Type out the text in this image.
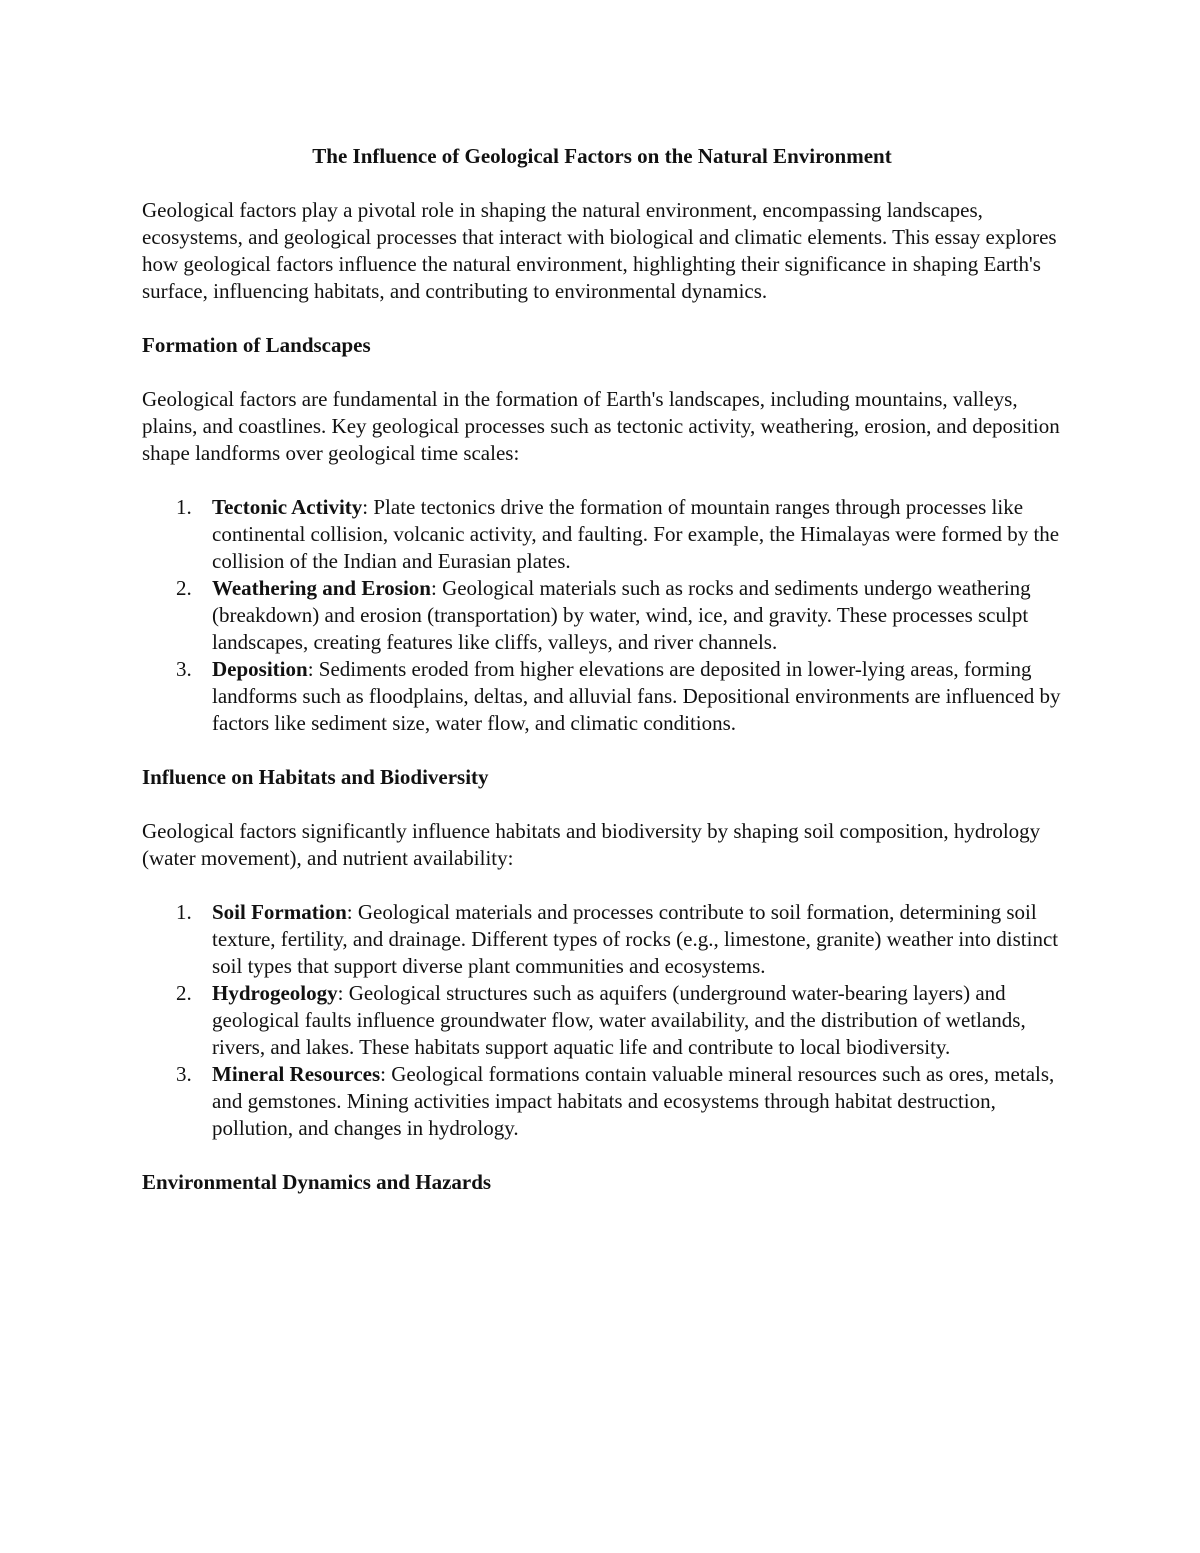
The Influence of Geological Factors on the Natural Environment

Geological factors play a pivotal role in shaping the natural environment, encompassing landscapes, ecosystems, and geological processes that interact with biological and climatic elements. This essay explores how geological factors influence the natural environment, highlighting their significance in shaping Earth's surface, influencing habitats, and contributing to environmental dynamics.

Formation of Landscapes

Geological factors are fundamental in the formation of Earth's landscapes, including mountains, valleys, plains, and coastlines. Key geological processes such as tectonic activity, weathering, erosion, and deposition shape landforms over geological time scales:

1. Tectonic Activity: Plate tectonics drive the formation of mountain ranges through processes like continental collision, volcanic activity, and faulting. For example, the Himalayas were formed by the collision of the Indian and Eurasian plates.
2. Weathering and Erosion: Geological materials such as rocks and sediments undergo weathering (breakdown) and erosion (transportation) by water, wind, ice, and gravity. These processes sculpt landscapes, creating features like cliffs, valleys, and river channels.
3. Deposition: Sediments eroded from higher elevations are deposited in lower-lying areas, forming landforms such as floodplains, deltas, and alluvial fans. Depositional environments are influenced by factors like sediment size, water flow, and climatic conditions.
Influence on Habitats and Biodiversity

Geological factors significantly influence habitats and biodiversity by shaping soil composition, hydrology (water movement), and nutrient availability:

1. Soil Formation: Geological materials and processes contribute to soil formation, determining soil texture, fertility, and drainage. Different types of rocks (e.g., limestone, granite) weather into distinct soil types that support diverse plant communities and ecosystems.
2. Hydrogeology: Geological structures such as aquifers (underground water-bearing layers) and geological faults influence groundwater flow, water availability, and the distribution of wetlands, rivers, and lakes. These habitats support aquatic life and contribute to local biodiversity.
3. Mineral Resources: Geological formations contain valuable mineral resources such as ores, metals, and gemstones. Mining activities impact habitats and ecosystems through habitat destruction, pollution, and changes in hydrology.
Environmental Dynamics and Hazards
